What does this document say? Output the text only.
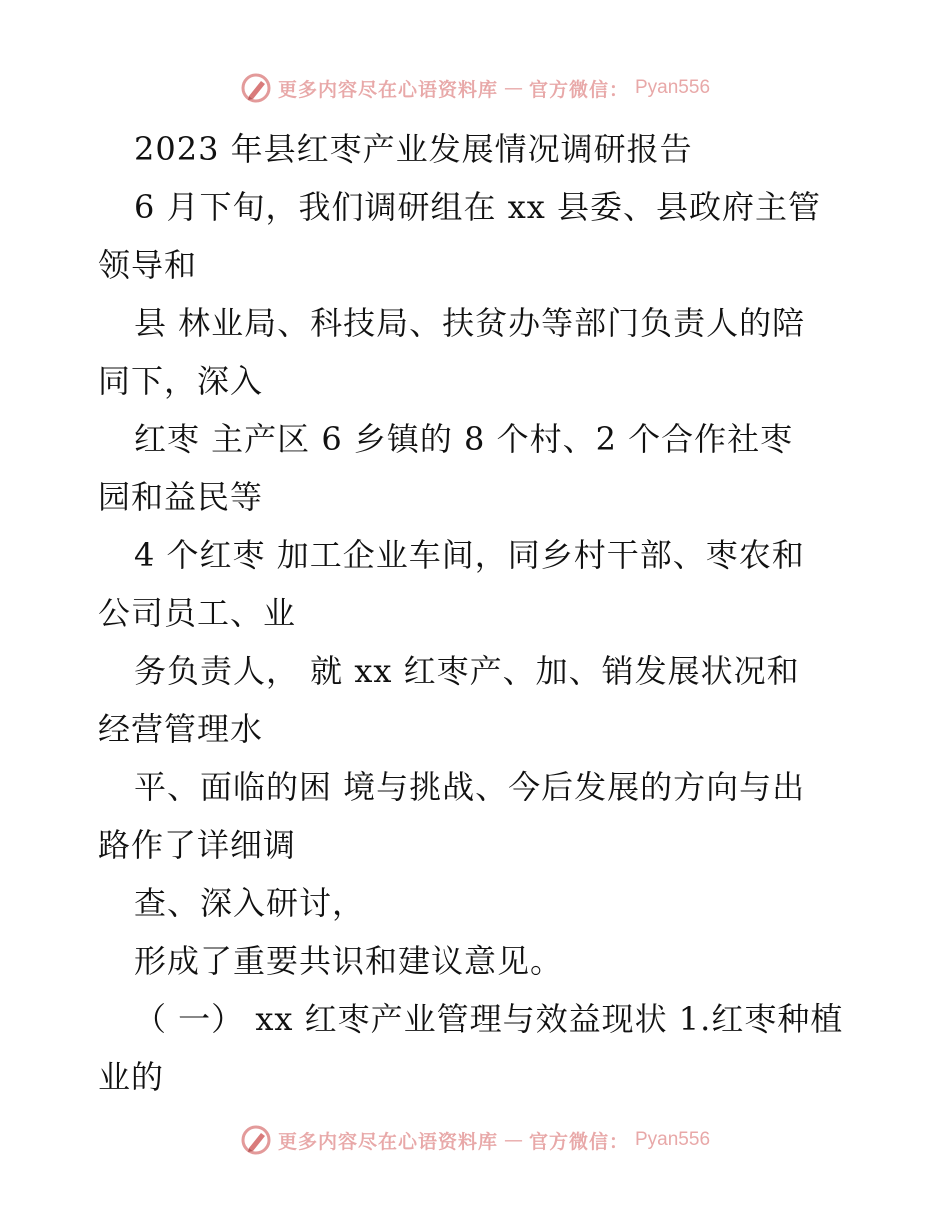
更多内容尽在心语资料库 — 官方微信： Pyan556
2023 年县红枣产业发展情况调研报告
6 月下旬，我们调研组在 xx 县委、县政府主管
领导和
县 林业局、科技局、扶贫办等部门负责人的陪
同下，深入
红枣 主产区 6 乡镇的 8 个村、2 个合作社枣
园和益民等
4 个红枣 加工企业车间，同乡村干部、枣农和
公司员工、业
务负责人， 就 xx 红枣产、加、销发展状况和
经营管理水
平、面临的困 境与挑战、今后发展的方向与出
路作了详细调
查、深入研讨，
形成了重要共识和建议意见。
（ 一） xx 红枣产业管理与效益现状 1.红枣种植
业的
更多内容尽在心语资料库 — 官方微信： Pyan556
